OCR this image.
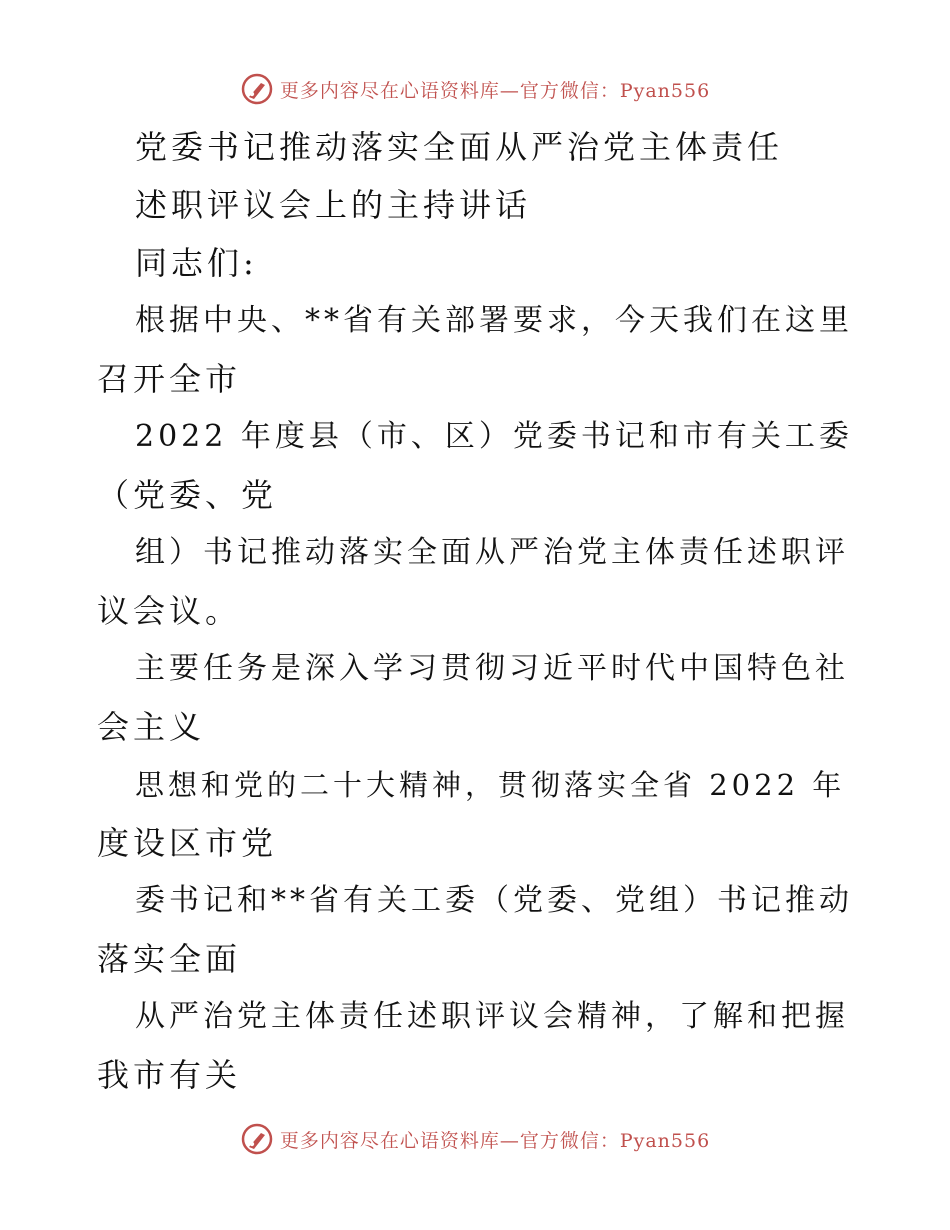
更多内容尽在心语资料库—官方微信：Pyan556
党委书记推动落实全面从严治党主体责任
述职评议会上的主持讲话
同志们:
根据中央、**省有关部署要求，今天我们在这里
召开全市
2022 年度县（市、区）党委书记和市有关工委
（党委、党
组）书记推动落实全面从严治党主体责任述职评
议会议。
主要任务是深入学习贯彻习近平时代中国特色社
会主义
思想和党的二十大精神，贯彻落实全省 2022 年
度设区市党
委书记和**省有关工委（党委、党组）书记推动
落实全面
从严治党主体责任述职评议会精神，了解和把握
我市有关
更多内容尽在心语资料库—官方微信：Pyan556
